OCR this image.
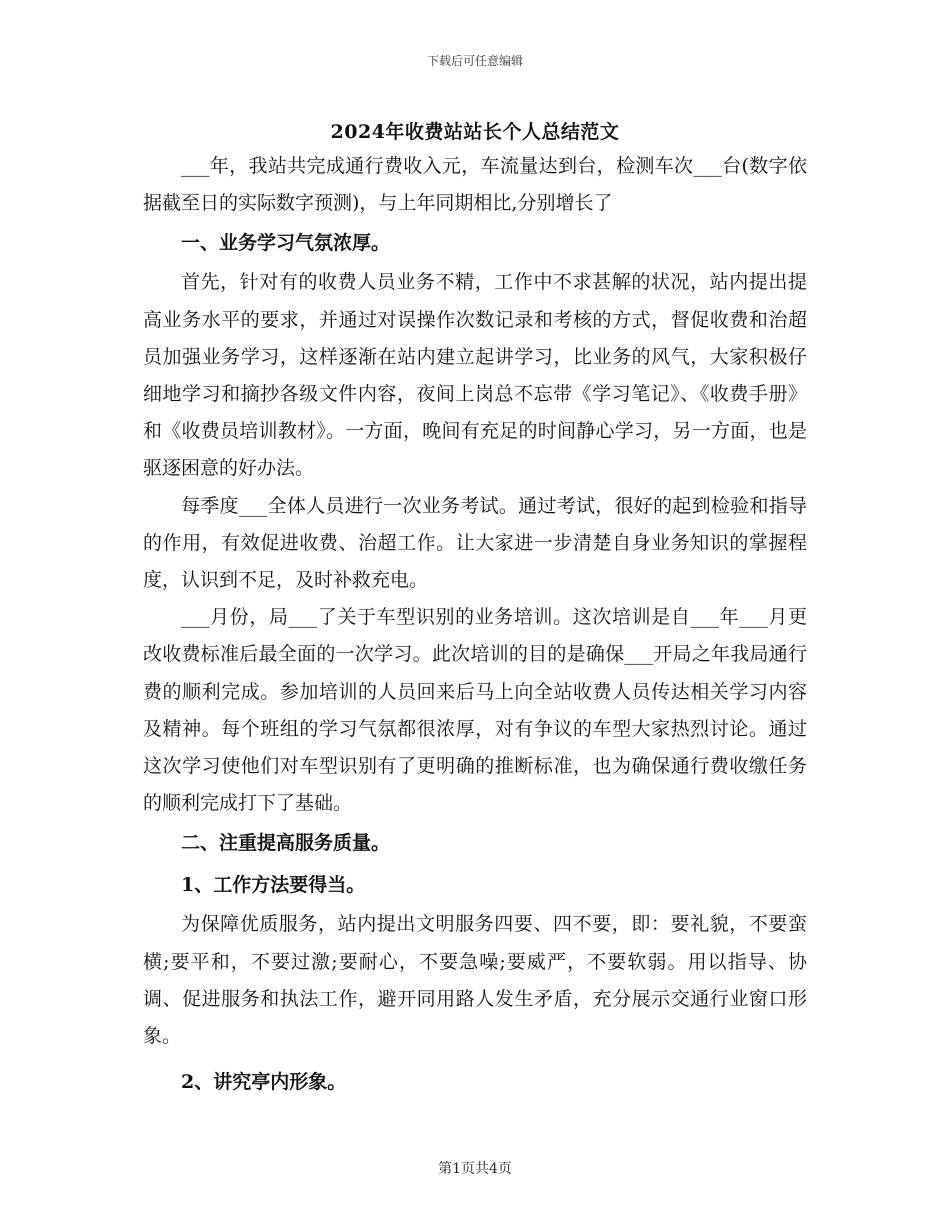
下载后可任意编辑
2024年收费站站长个人总结范文

___年，我站共完成通行费收入元，车流量达到台，检测车次___台(数字依据截至日的实际数字预测)，与上年同期相比,分别增长了

一、业务学习气氛浓厚。

首先，针对有的收费人员业务不精，工作中不求甚解的状况，站内提出提高业务水平的要求，并通过对误操作次数记录和考核的方式，督促收费和治超员加强业务学习，这样逐渐在站内建立起讲学习，比业务的风气，大家积极仔细地学习和摘抄各级文件内容，夜间上岗总不忘带《学习笔记》、《收费手册》和《收费员培训教材》。一方面，晚间有充足的时间静心学习，另一方面，也是驱逐困意的好办法。

每季度___全体人员进行一次业务考试。通过考试，很好的起到检验和指导的作用，有效促进收费、治超工作。让大家进一步清楚自身业务知识的掌握程度，认识到不足，及时补救充电。

___月份，局___了关于车型识别的业务培训。这次培训是自___年___月更改收费标准后最全面的一次学习。此次培训的目的是确保___开局之年我局通行费的顺利完成。参加培训的人员回来后马上向全站收费人员传达相关学习内容及精神。每个班组的学习气氛都很浓厚，对有争议的车型大家热烈讨论。通过这次学习使他们对车型识别有了更明确的推断标准，也为确保通行费收缴任务的顺利完成打下了基础。

二、注重提高服务质量。

1、工作方法要得当。

为保障优质服务，站内提出文明服务四要、四不要，即：要礼貌，不要蛮横;要平和，不要过激;要耐心，不要急噪;要威严，不要软弱。用以指导、协调、促进服务和执法工作，避开同用路人发生矛盾，充分展示交通行业窗口形象。

2、讲究亭内形象。

第1页共4页
